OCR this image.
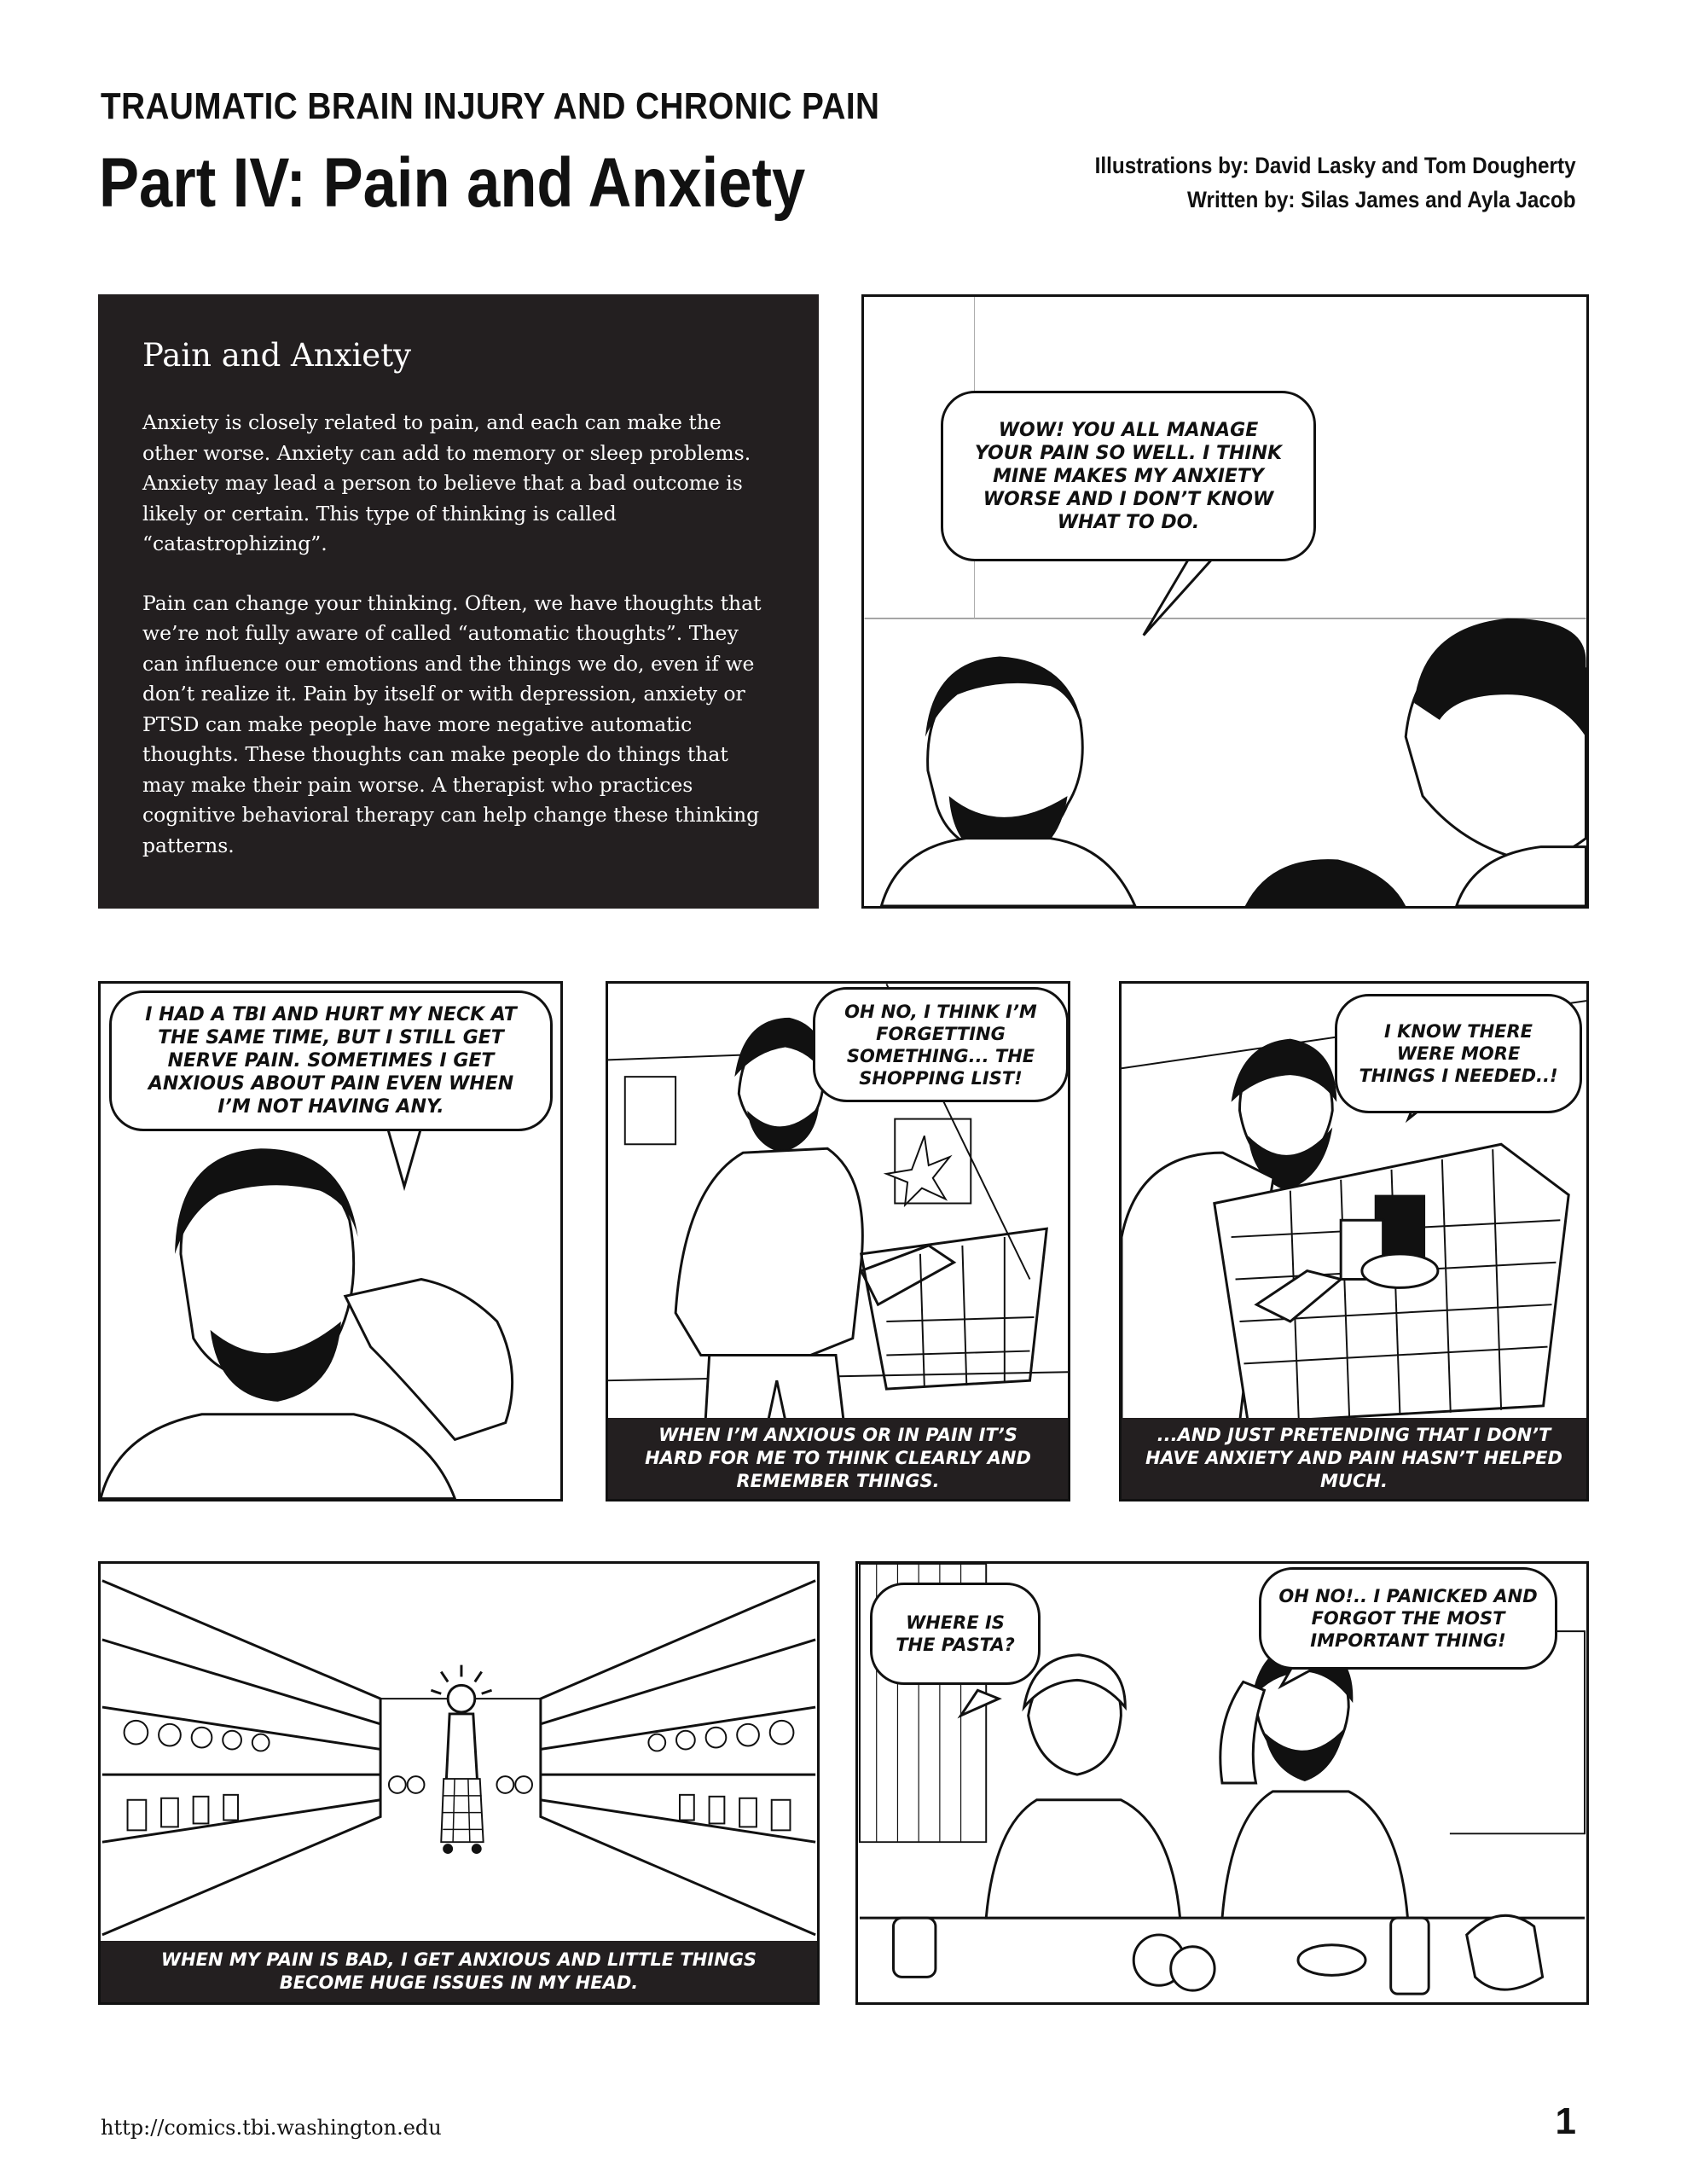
TRAUMATIC BRAIN INJURY AND CHRONIC PAIN
Part IV: Pain and Anxiety	Illustrations by: David Lasky and Tom Dougherty
Written by: Silas James and Ayla Jacob
Pain and Anxiety

Anxiety is closely related to pain, and each can make the other worse. Anxiety can add to memory or sleep problems. Anxiety may lead a person to believe that a bad outcome is likely or certain. This type of thinking is called “catastrophizing”.

Pain can change your thinking. Often, we have thoughts that we’re not fully aware of called “automatic thoughts”. They can influence our emotions and the things we do, even if we don’t realize it. Pain by itself or with depression, anxiety or PTSD can make people have more negative automatic thoughts. These thoughts can make people do things that may make their pain worse. A therapist who practices cognitive behavioral therapy can help change these thinking patterns.

WOW! YOU ALL MANAGE YOUR PAIN SO WELL. I THINK MINE MAKES MY ANXIETY WORSE AND I DON’T KNOW WHAT TO DO.
I HAD A TBI AND HURT MY NECK AT THE SAME TIME, BUT I STILL GET NERVE PAIN. SOMETIMES I GET ANXIOUS ABOUT PAIN EVEN WHEN I’M NOT HAVING ANY.
OH NO, I THINK I’M FORGETTING SOMETHING... THE SHOPPING LIST!
WHEN I’M ANXIOUS OR IN PAIN IT’S HARD FOR ME TO THINK CLEARLY AND REMEMBER THINGS.
I KNOW THERE WERE MORE THINGS I NEEDED..!
...AND JUST PRETENDING THAT I DON’T HAVE ANXIETY AND PAIN HASN’T HELPED MUCH.
WHEN MY PAIN IS BAD, I GET ANXIOUS AND LITTLE THINGS BECOME HUGE ISSUES IN MY HEAD.
WHERE IS THE PASTA?
OH NO!.. I PANICKED AND FORGOT THE MOST IMPORTANT THING!
http://comics.tbi.washington.edu	1
